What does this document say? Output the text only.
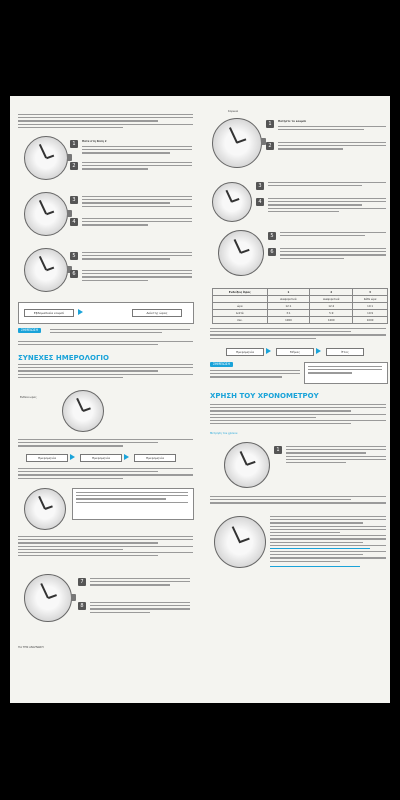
1
2
Πάτα στη θέση 2
3
4
5
6
Εβδομαδιαία κουμπί	Δείκτης ώρας
ΣΗΜΕΙΩΣΗ
ΣΥΝΕΧΕΣ ΗΜΕΡΟΛΟΓΙΟ
Ευθεία ώρας
Ημερομηνία	Ημερομηνία	Ημερομηνία
7
8
ΓΙΑ ΤΗΝ ΑΝΑΓΝΩΣΗ
Κορώνα
1
2
Πατήστε το κουμπί
3
4
5
6
Ενδείξεις Ώρας	1	2	3
	Διαφορετικά	Διαφορετικά	Κάθε ώρα
ώρα	12:1	12:4	10:1
λεπτά	3:1	5:9	10:9
σεκ.	1000	1000	1000
Ημερομηνία	Μήνας	Έτος
ΣΗΜΕΙΩΣΗ
ΧΡΗΣΗ ΤΟΥ ΧΡΟΝΟΜΕΤΡΟΥ
Μέτρηση του χρόνου
1
